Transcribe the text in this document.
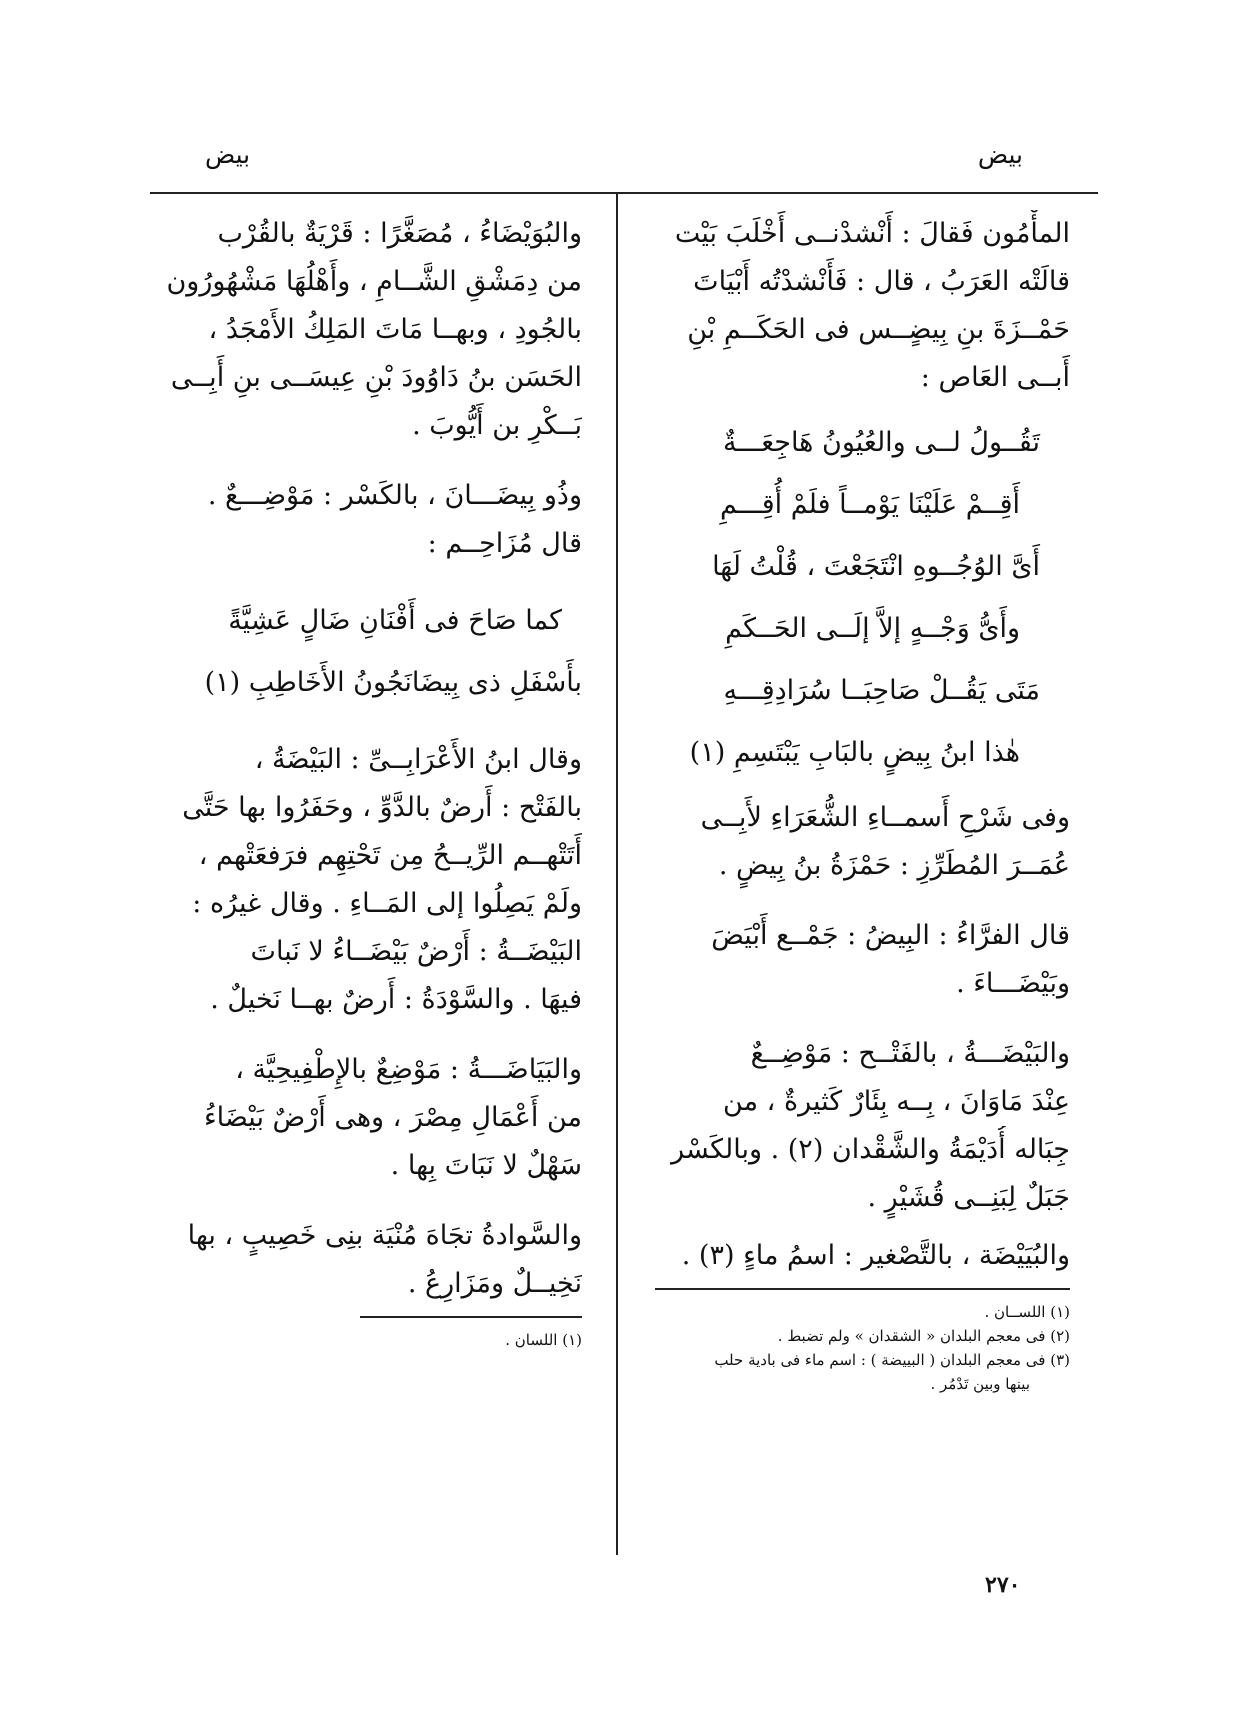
بيض
بيض
المأْمُون فَقالَ : أَنْشدْنــى أَخْلَبَ بَيْت
قالَتْه العَرَبُ ، قال : فَأَنْشدْتُه أَبْيَاتَ
حَمْــزَةَ بنِ بِيضٍــس فى الحَكَــمِ بْنِ
أَبــى العَاص :
تَقُــولُ لــى والعُيُونُ هَاجِعَـــةٌ
أَقِــمْ عَلَيْنَا يَوْمــاً فلَمْ أُقِـــمِ
أَىَّ الوُجُــوهِ انْتَجَعْتَ ، قُلْتُ لَهَا
وأَىُّ وَجْــهٍ إلاَّ إلَــى الحَــكَمِ
مَتَى يَقُــلْ صَاحِبَــا سُرَادِقِـــهِ
هٰذا ابنُ بِيضٍ بالبَابِ يَبْتَسِمِ (١)
وفى شَرْحِ أَسمــاءِ الشُّعَرَاءِ لأَبِــى
عُمَــرَ المُطَرِّزِ : حَمْزَةُ بنُ بِيضٍ .
قال الفرَّاءُ : البِيضُ : جَمْــع أَبْيَضَ
وبَيْضَـــاءَ .
والبَيْضَـــةُ ، بالفَتْــح : مَوْضِــعٌ
عِنْدَ مَاوَانَ ، بِــه بِئَارٌ كَثيرةٌ ، من
جِبَاله أُدَيْمَةُ والشَّقْدان (٢) . وبالكَسْر
جَبَلٌ لِبَنِــى قُشَيْرٍ .
والبُيَيْضَة ، بالتَّصْغير : اسمُ ماءٍ (٣) .
(١) اللســان .
(٢) فى معجم البلدان « الشقدان » ولم تضبط .
(٣) فى معجم البلدان ( البييضة ) : اسم ماء فى بادية حلب
بينها وبين تَدْمُر .
والبُوَيْضَاءُ ، مُصَغَّرًا : قَرْيَةٌ بالقُرْب
من دِمَشْقِ الشَّــامِ ، وأَهْلُهَا مَشْهُورُون
بالجُودِ ، وبهــا مَاتَ المَلِكُ الأَمْجَدُ ،
الحَسَن بنُ دَاوُودَ بْنِ عِيسَــى بنِ أَبِــى
بَــكْرِ بن أَيُّوبَ .
وذُو بِيضَـــانَ ، بالكَسْر : مَوْضِـــعٌ .
قال مُزَاحِــم :
كما صَاحَ فى أَفْنَانِ ضَالٍ عَشِيَّةً
بأَسْفَلِ ذى بِيضَانَجُونُ الأَخَاطِبِ (١)
وقال ابنُ الأَعْرَابِــىِّ : البَيْضَةُ ،
بالفَتْح : أَرضٌ بالدَّوِّ ، وحَفَرُوا بها حَتَّى
أَتَتْهــم الرِّيــحُ مِن تَحْتِهِم فرَفعَتْهم ،
ولَمْ يَصِلُوا إلى المَــاءِ . وقال غيرُه :
البَيْضَــةُ : أَرْضٌ بَيْضَــاءُ لا نَباتَ
فيهَا . والسَّوْدَةُ : أَرضٌ بهــا نَخيلٌ .
والبَيَاضَـــةُ : مَوْضِعٌ بالإِطْفِيحِيَّة ،
من أَعْمَالِ مِصْرَ ، وهى أَرْضٌ بَيْضَاءُ
سَهْلٌ لا نَبَاتَ بِها .
والسَّوادةُ تجَاهَ مُنْيَة بنِى خَصِيبٍ ، بها
نَخِيــلٌ ومَزَارِعُ .
(١) اللسان .
٢٧٠
